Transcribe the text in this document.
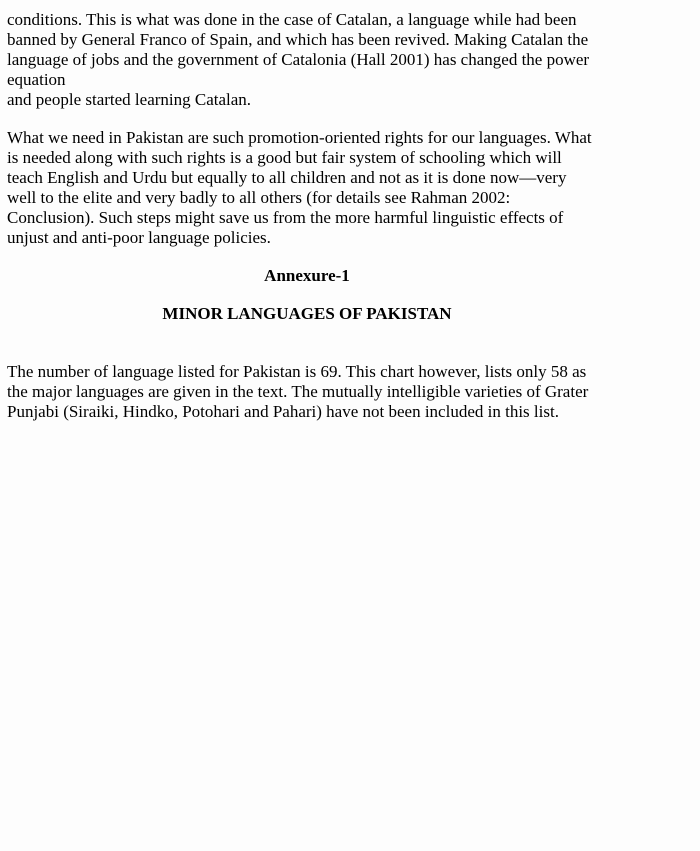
conditions. This is what was done in the case of Catalan, a language while had been
banned by General Franco of Spain, and which has been revived. Making Catalan the
language of jobs and the government of Catalonia (Hall 2001) has changed the power
equation
and people started learning Catalan.

What we need in Pakistan are such promotion-oriented rights for our languages. What
is needed along with such rights is a good but fair system of schooling which will
teach English and Urdu but equally to all children and not as it is done now—very
well to the elite and very badly to all others (for details see Rahman 2002:
Conclusion). Such steps might save us from the more harmful linguistic effects of
unjust and anti-poor language policies.

Annexure-1

MINOR LANGUAGES OF PAKISTAN

The number of language listed for Pakistan is 69. This chart however, lists only 58 as
the major languages are given in the text. The mutually intelligible varieties of Grater
Punjabi (Siraiki, Hindko, Potohari and Pahari) have not been included in this list.
